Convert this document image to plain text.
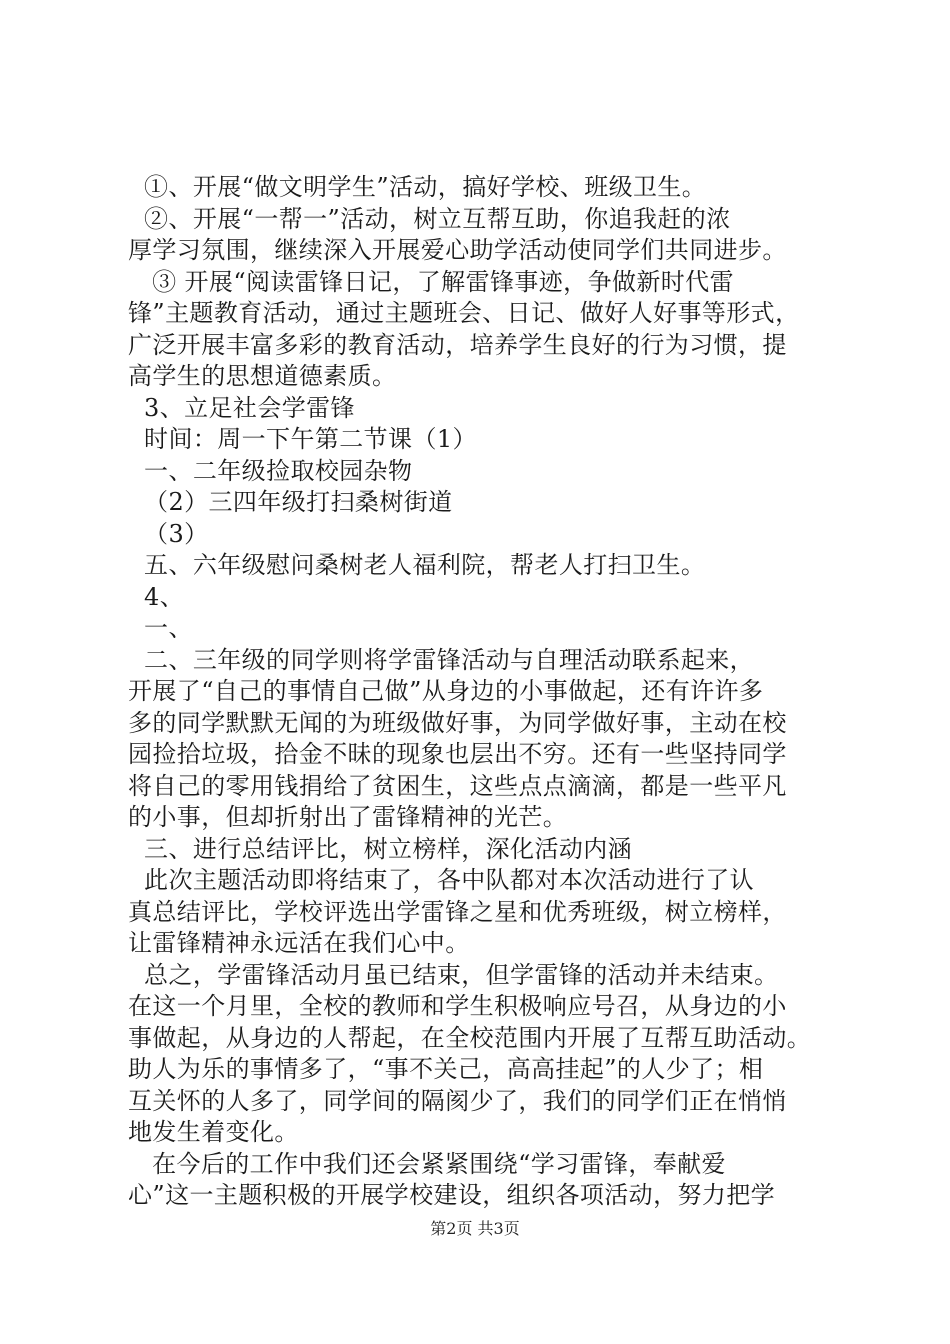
①、开展“做文明学生”活动，搞好学校、班级卫生。
②、开展“一帮一”活动，树立互帮互助，你追我赶的浓
厚学习氛围，继续深入开展爱心助学活动使同学们共同进步。
③ 开展“阅读雷锋日记，了解雷锋事迹，争做新时代雷
锋”主题教育活动，通过主题班会、日记、做好人好事等形式，
广泛开展丰富多彩的教育活动，培养学生良好的行为习惯，提
高学生的思想道德素质。
3、立足社会学雷锋
时间：周一下午第二节课（1）
一、二年级捡取校园杂物
（2）三四年级打扫桑树街道
（3）
五、六年级慰问桑树老人福利院，帮老人打扫卫生。
4、
一、
二、三年级的同学则将学雷锋活动与自理活动联系起来，
开展了“自己的事情自己做”从身边的小事做起，还有许许多
多的同学默默无闻的为班级做好事，为同学做好事，主动在校
园捡拾垃圾，拾金不昧的现象也层出不穷。还有一些坚持同学
将自己的零用钱捐给了贫困生，这些点点滴滴，都是一些平凡
的小事，但却折射出了雷锋精神的光芒。
三、进行总结评比，树立榜样，深化活动内涵
此次主题活动即将结束了，各中队都对本次活动进行了认
真总结评比，学校评选出学雷锋之星和优秀班级，树立榜样，
让雷锋精神永远活在我们心中。
总之，学雷锋活动月虽已结束，但学雷锋的活动并未结束。
在这一个月里，全校的教师和学生积极响应号召，从身边的小
事做起，从身边的人帮起，在全校范围内开展了互帮互助活动。
助人为乐的事情多了，“事不关己，高高挂起”的人少了；相
互关怀的人多了，同学间的隔阂少了，我们的同学们正在悄悄
地发生着变化。
在今后的工作中我们还会紧紧围绕“学习雷锋，奉献爱
心”这一主题积极的开展学校建设，组织各项活动，努力把学
第2页 共3页
